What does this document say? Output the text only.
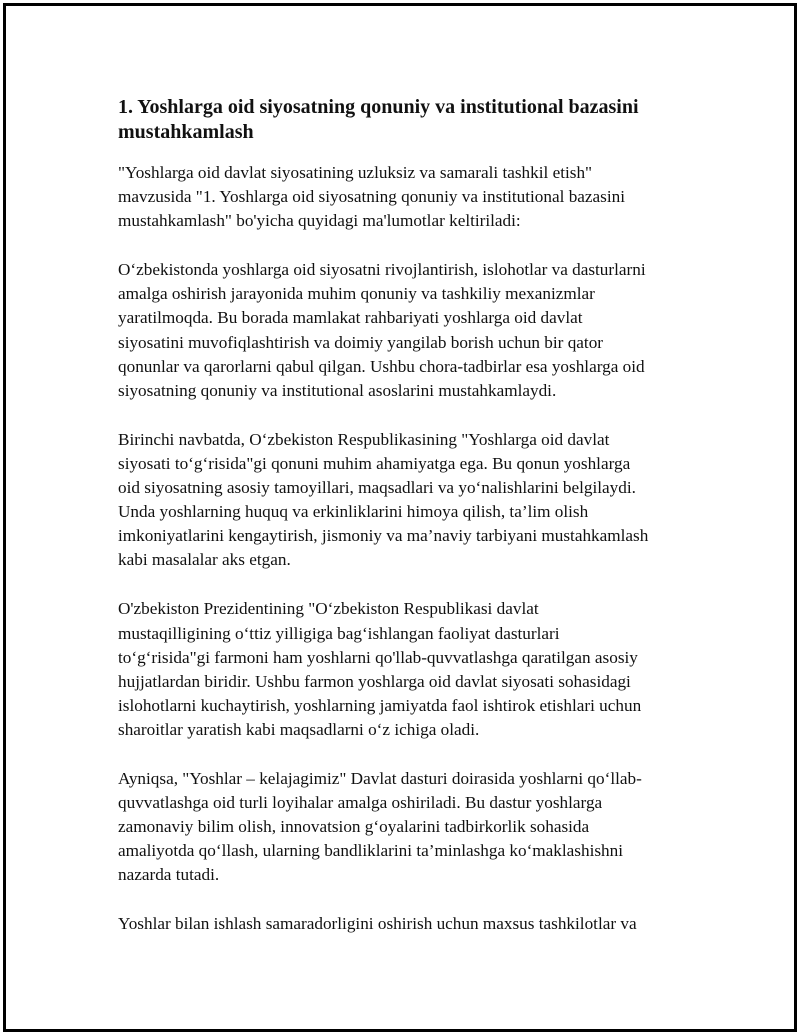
1. Yoshlarga oid siyosatning qonuniy va institutional bazasini
mustahkamlash

"Yoshlarga oid davlat siyosatining uzluksiz va samarali tashkil etish"
mavzusida "1. Yoshlarga oid siyosatning qonuniy va institutional bazasini
mustahkamlash" bo'yicha quyidagi ma'lumotlar keltiriladi:

O‘zbekistonda yoshlarga oid siyosatni rivojlantirish, islohotlar va dasturlarni
amalga oshirish jarayonida muhim qonuniy va tashkiliy mexanizmlar
yaratilmoqda. Bu borada mamlakat rahbariyati yoshlarga oid davlat
siyosatini muvofiqlashtirish va doimiy yangilab borish uchun bir qator
qonunlar va qarorlarni qabul qilgan. Ushbu chora-tadbirlar esa yoshlarga oid
siyosatning qonuniy va institutional asoslarini mustahkamlaydi.

Birinchi navbatda, O‘zbekiston Respublikasining "Yoshlarga oid davlat
siyosati to‘g‘risida"gi qonuni muhim ahamiyatga ega. Bu qonun yoshlarga
oid siyosatning asosiy tamoyillari, maqsadlari va yo‘nalishlarini belgilaydi.
Unda yoshlarning huquq va erkinliklarini himoya qilish, ta’lim olish
imkoniyatlarini kengaytirish, jismoniy va ma’naviy tarbiyani mustahkamlash
kabi masalalar aks etgan.

O'zbekiston Prezidentining "O‘zbekiston Respublikasi davlat
mustaqilligining o‘ttiz yilligiga bag‘ishlangan faoliyat dasturlari
to‘g‘risida"gi farmoni ham yoshlarni qo'llab-quvvatlashga qaratilgan asosiy
hujjatlardan biridir. Ushbu farmon yoshlarga oid davlat siyosati sohasidagi
islohotlarni kuchaytirish, yoshlarning jamiyatda faol ishtirok etishlari uchun
sharoitlar yaratish kabi maqsadlarni o‘z ichiga oladi.

Ayniqsa, "Yoshlar – kelajagimiz" Davlat dasturi doirasida yoshlarni qo‘llab-
quvvatlashga oid turli loyihalar amalga oshiriladi. Bu dastur yoshlarga
zamonaviy bilim olish, innovatsion g‘oyalarini tadbirkorlik sohasida
amaliyotda qo‘llash, ularning bandliklarini ta’minlashga ko‘maklashishni
nazarda tutadi.

Yoshlar bilan ishlash samaradorligini oshirish uchun maxsus tashkilotlar va
